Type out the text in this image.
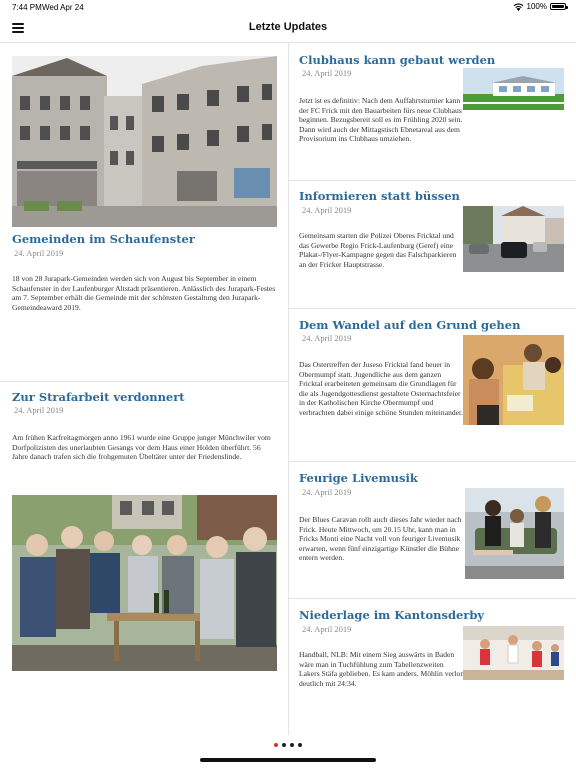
7:44 PM Wed Apr 24	100%
Letzte Updates
Gemeinden im Schaufenster
24. April 2019
18 von 28 Jurapark-Gemeinden werden sich von August bis September in einem Schaufenster in der Laufenburger Altstadt präsentieren. Anlässlich des Jurapark-Festes am 7. September erhält die Gemeinde mit der schönsten Gestaltung den Jurapark-Gemeindeaward 2019.
Zur Strafarbeit verdonnert
24. April 2019
Am frühen Karfreitagmorgen anno 1961 wurde eine Gruppe junger Münchwiler vom Dorfpolizisten des unerlaubten Gesangs vor dem Haus einer Holden überführt. 56 Jahre danach trafen sich die frohgemuten Übeltäter unter der Friedenslinde.
Clubhaus kann gebaut werden
24. April 2019
Jetzt ist es definitiv: Nach dem Auffahrtsturnier kann der FC Frick mit den Bauarbeiten fürs neue Clubhaus beginnen. Bezugsbereit soll es im Frühling 2020 sein. Dann wird auch der Mittagstisch Ebnetareal aus dem Provisorium ins Clubhaus umziehen.
Informieren statt büssen
24. April 2019
Gemeinsam starten die Polizei Oberes Fricktal und das Gewerbe Regio Frick-Laufenburg (Geref) eine Plakat-/Flyer-Kampagne gegen das Falschparkieren an der Fricker Hauptstrasse.
Dem Wandel auf den Grund gehen
24. April 2019
Das Ostertreffen der Juseso Fricktal fand heuer in Obermumpf statt. Jugendliche aus dem ganzen Fricktal erarbeiteten gemeinsam die Grundlagen für die als Jugendgottesdienst gestaltete Osternachtsfeier in der Katholischen Kirche Obermumpf und verbrachten dabei einige schöne Stunden miteinander.
Feurige Livemusik
24. April 2019
Der Blues Caravan rollt auch dieses Jahr wieder nach Frick. Heute Mittwoch, um 20.15 Uhr, kann man in Fricks Monti eine Nacht voll von feuriger Livemusik erwarten, wenn fünf einzigartige Künstler die Bühne entern werden.
Niederlage im Kantonsderby
24. April 2019
Handball, NLB: Mit einem Sieg auswärts in Baden wäre man in Tuchfühlung zum Tabellenzweiten Lakers Stäfa geblieben. Es kam anders. Möhlin verlor deutlich mit 24:34.
